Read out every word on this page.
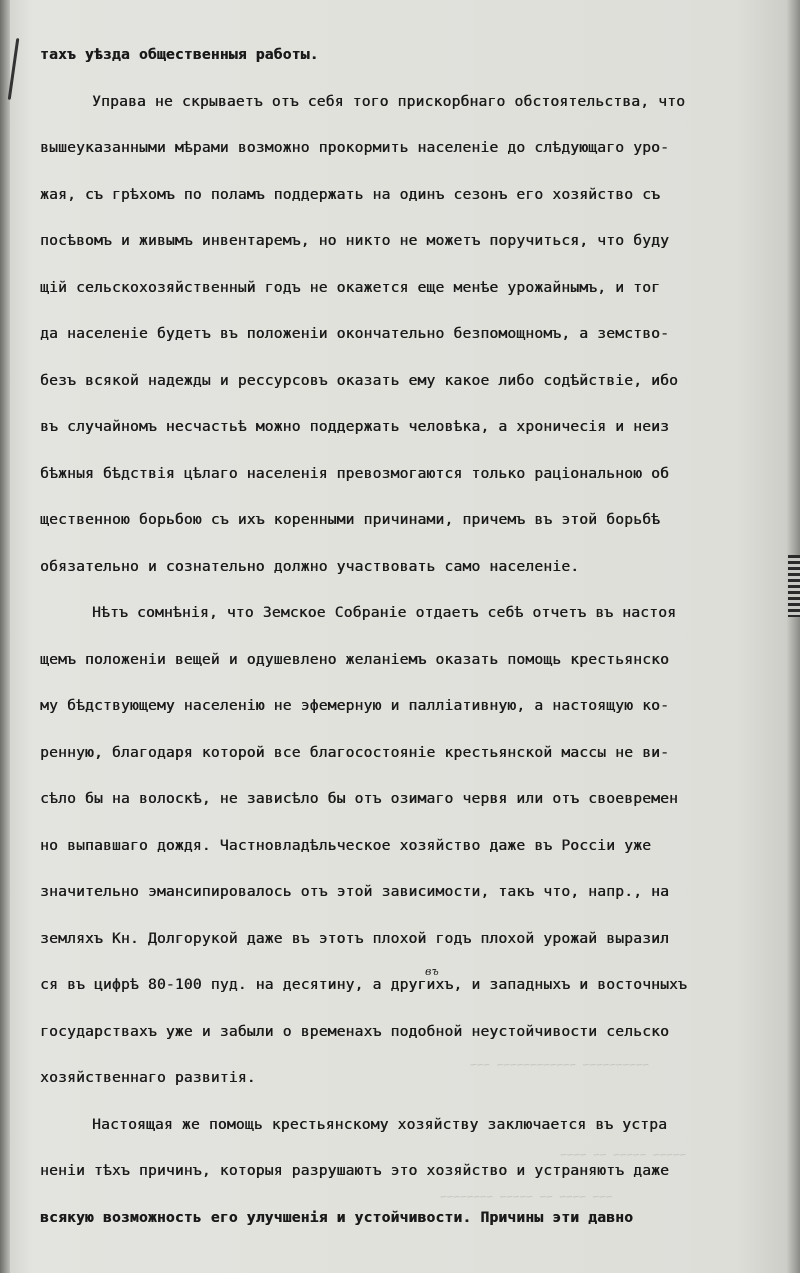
~~~ ~~~~ ~~ ~~~~~ ~~~~~~~~
~~~~~ ~~~~~ ~~ ~~~~
~~~~~~~~~~ ~~~~~~~~~~~~ ~~~
тахъ уѣзда общественныя работы.
Управа не скрываетъ отъ себя того прискорбнаго обстоятельства, что
вышеуказанными мѣрами возможно прокормить населеніе до слѣдующаго уро-
жая, съ грѣхомъ по поламъ поддержать на одинъ сезонъ его хозяйство съ
посѣвомъ и живымъ инвентаремъ, но никто не можетъ поручиться, что буду
щій сельскохозяйственный годъ не окажется еще менѣе урожайнымъ, и тог
да населеніе будетъ въ положеніи окончательно безпомощномъ, а земство-
безъ всякой надежды и рессурсовъ оказать ему какое либо содѣйствіе, ибо
въ случайномъ несчастьѣ можно поддержать человѣка, а хроничесія и неиз
бѣжныя бѣдствія цѣлаго населенія превозмогаются только раціональною об
щественною борьбою съ ихъ коренными причинами, причемъ въ этой борьбѣ
обязательно и сознательно должно участвовать само населеніе.
Нѣтъ сомнѣнія, что Земское Собраніе отдаетъ себѣ отчетъ въ настоя
щемъ положеніи вещей и одушевлено желаніемъ оказать помощь крестьянско
му бѣдствующему населенію не эфемерную и палліативную, а настоящую ко-
ренную, благодаря которой все благосостояніе крестьянской массы не ви-
сѣло бы на волоскѣ, не зависѣло бы отъ озимаго червя или отъ своевремен
но выпавшаго дождя. Частновладѣльческое хозяйство даже въ Россіи уже
значительно эмансипировалось отъ этой зависимости, такъ что, напр., на
земляхъ Кн. Долгорукой даже въ этотъ плохой годъ плохой урожай выразил
ся въ цифрѣ 80-100 пуд. на десятину, а другихъ, и западныхъ и восточныхъ
государствахъ уже и забыли о временахъ подобной неустойчивости сельско
хозяйственнаго развитія.
Настоящая же помощь крестьянскому хозяйству заключается въ устра
неніи тѣхъ причинъ, которыя разрушаютъ это хозяйство и устраняютъ даже
всякую возможность его улучшенія и устойчивости. Причины эти давно
въ
